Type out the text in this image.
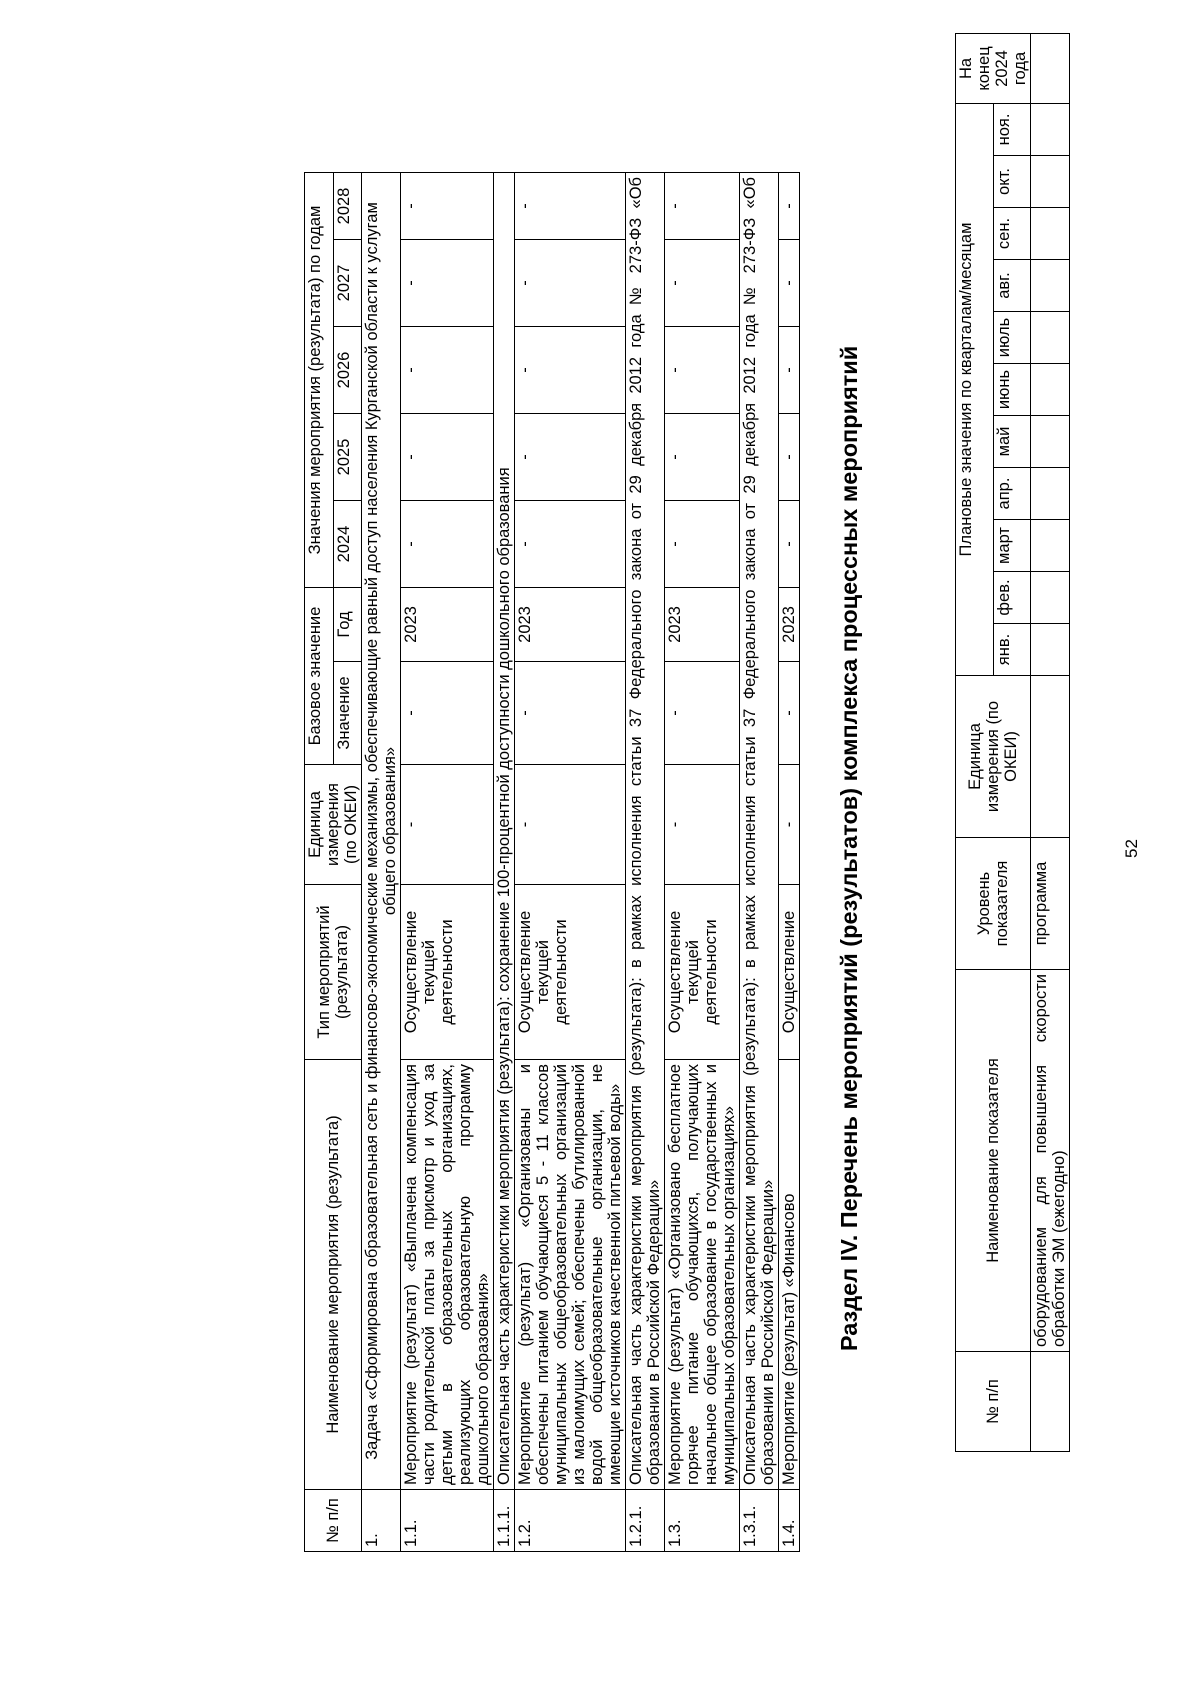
52
№ п/п	Наименование показателя	Уровень показателя	Единица измерения (по ОКЕИ)	Плановые значения по кварталам/месяцам											На конец 2024 года
				янв.	фев.	март	апр.	май	июнь	июль	авг.	сен.	окт.	ноя.	
	оборудованием для повышения скорости обработки ЭМ (ежегодно)	программа													
Раздел IV. Перечень мероприятий (результатов) комплекса процессных мероприятий
№ п/п	Наименование мероприятия (результата)	Тип мероприятий (результата)	Единица измерения (по ОКЕИ)	Базовое значение		Значения мероприятия (результата) по годам				
				Значение	Год	2024	2025	2026	2027	2028
1.	Задача «Сформирована образовательная сеть и финансово-экономические механизмы, обеспечивающие равный доступ населения Курганской области к услугам общего образования»									
1.1.	Мероприятие (результат) «Выплачена компенсация части родительской платы за присмотр и уход за детьми в образовательных организациях, реализующих образовательную программу дошкольного образования»	Осуществление текущей деятельности	-	-	2023	-	-	-	-	-
1.1.1.	Описательная часть характеристики мероприятия (результата): сохранение 100-процентной доступности дошкольного образования									
1.2.	Мероприятие (результат) «Организованы и обеспечены питанием обучающиеся 5 - 11 классов муниципальных общеобразовательных организаций из малоимущих семей; обеспечены бутилированной водой общеобразовательные организации, не имеющие источников качественной питьевой воды»	Осуществление текущей деятельности	-	-	2023	-	-	-	-	-
1.2.1.	Описательная часть характеристики мероприятия (результата): в рамках исполнения статьи 37 Федерального закона от 29 декабря 2012 года № 273-ФЗ «Об образовании в Российской Федерации»									
1.3.	Мероприятие (результат) «Организовано бесплатное горячее питание обучающихся, получающих начальное общее образование в государственных и муниципальных образовательных организациях»	Осуществление текущей деятельности	-	-	2023	-	-	-	-	-
1.3.1.	Описательная часть характеристики мероприятия (результата): в рамках исполнения статьи 37 Федерального закона от 29 декабря 2012 года № 273-ФЗ «Об образовании в Российской Федерации»									
1.4.	Мероприятие (результат) «Финансово	Осуществление	-	-	2023	-	-	-	-	-
